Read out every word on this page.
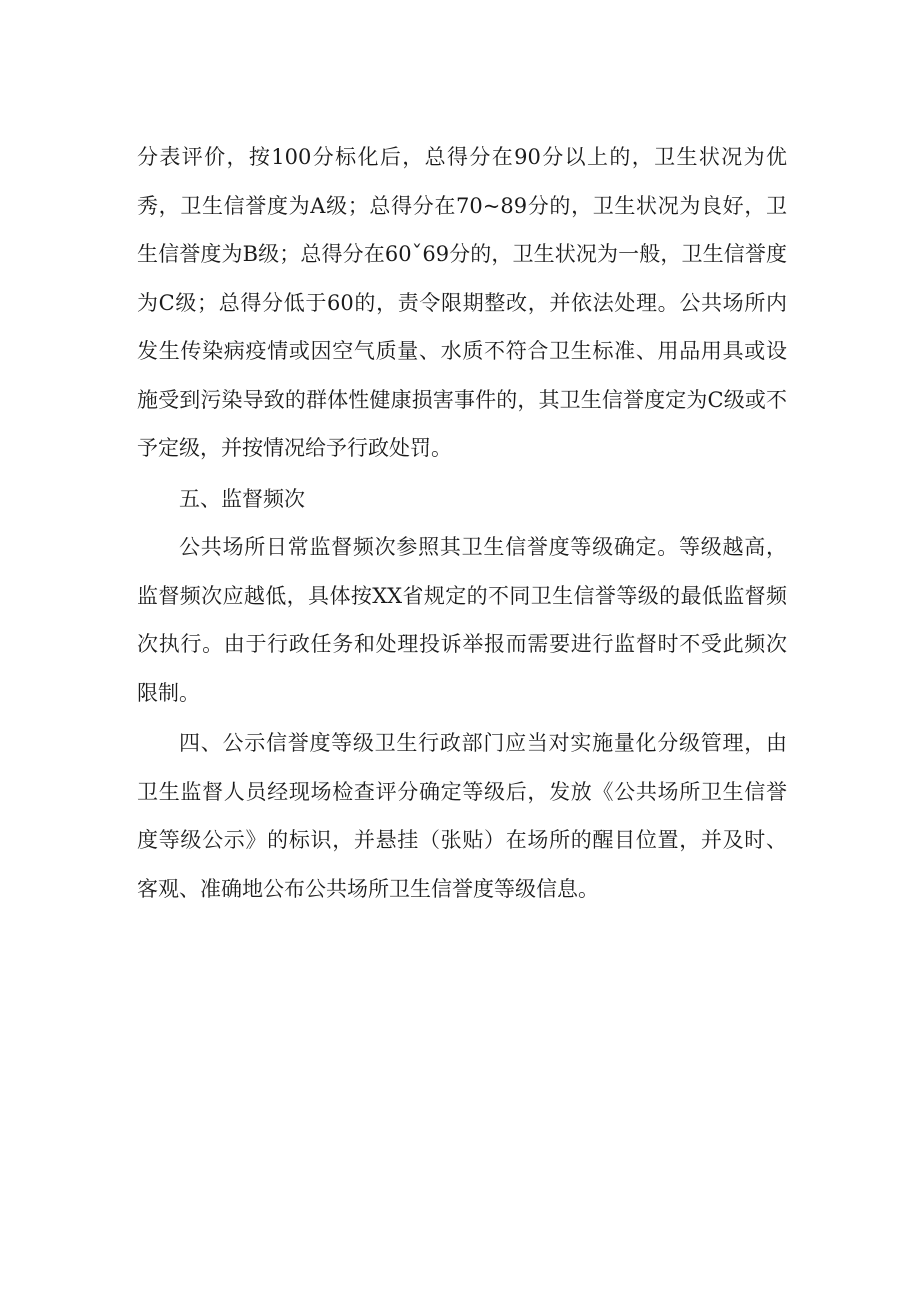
分表评价，按100分标化后，总得分在90分以上的，卫生状况为优秀，卫生信誉度为A级；总得分在70~89分的，卫生状况为良好，卫生信誉度为B级；总得分在60ˇ69分的，卫生状况为一般，卫生信誉度为C级；总得分低于60的，责令限期整改，并依法处理。公共场所内发生传染病疫情或因空气质量、水质不符合卫生标准、用品用具或设施受到污染导致的群体性健康损害事件的，其卫生信誉度定为C级或不予定级，并按情况给予行政处罚。

五、监督频次

公共场所日常监督频次参照其卫生信誉度等级确定。等级越高，监督频次应越低，具体按XX省规定的不同卫生信誉等级的最低监督频次执行。由于行政任务和处理投诉举报而需要进行监督时不受此频次限制。

四、公示信誉度等级卫生行政部门应当对实施量化分级管理，由卫生监督人员经现场检查评分确定等级后，发放《公共场所卫生信誉度等级公示》的标识，并悬挂（张贴）在场所的醒目位置，并及时、客观、准确地公布公共场所卫生信誉度等级信息。
